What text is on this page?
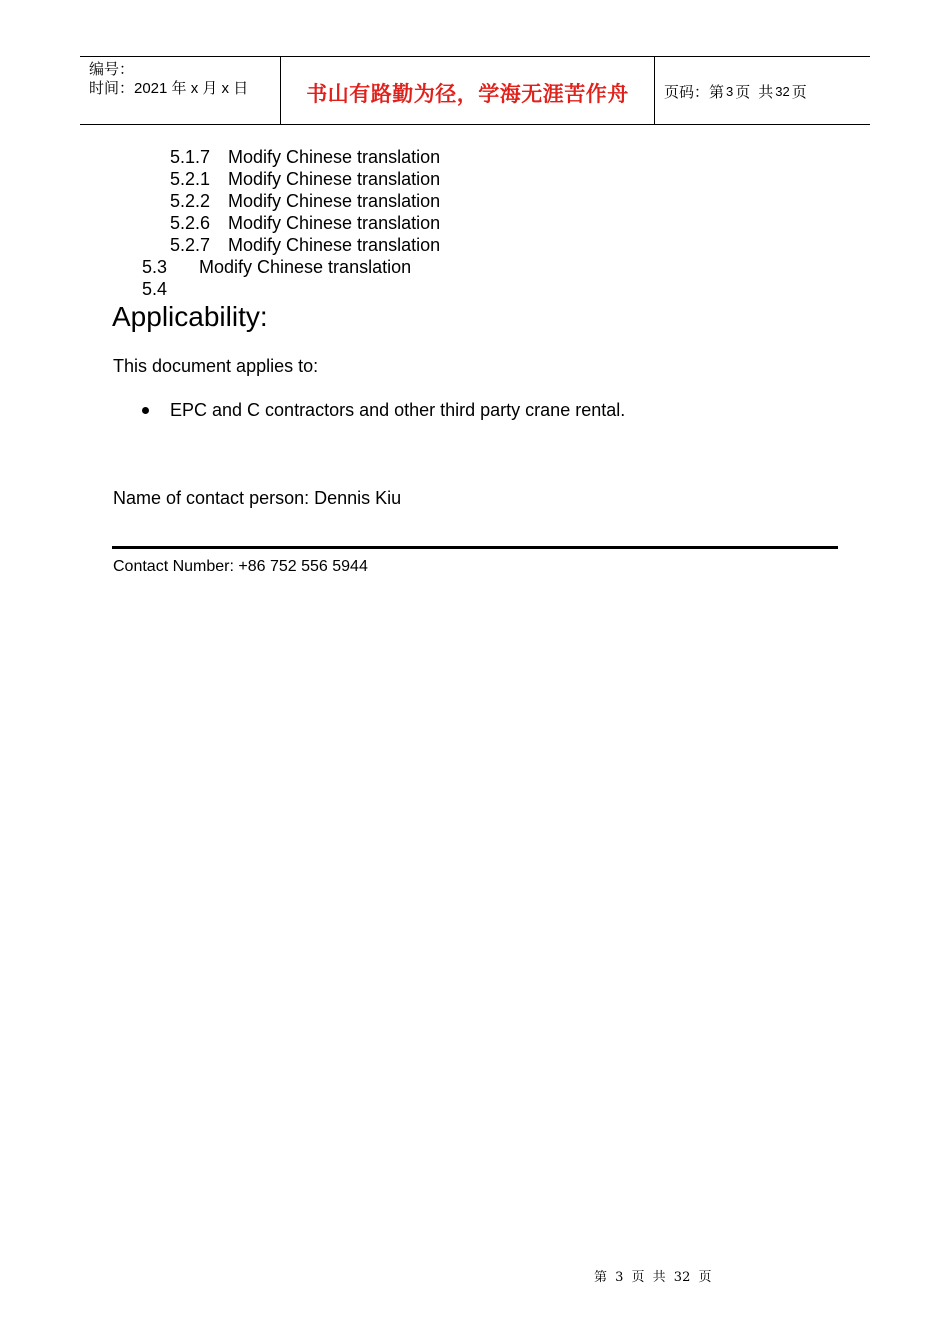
编号：
时间：2021 年 x 月 x 日	书山有路勤为径，学海无涯苦作舟 页码：第 3 页 共 32 页
5.1.7 Modify Chinese translation
5.2.1 Modify Chinese translation
5.2.2 Modify Chinese translation
5.2.6 Modify Chinese translation
5.2.7 Modify Chinese translation
5.3 Modify Chinese translation
5.4
Applicability:
This document applies to:
EPC and C contractors and other third party crane rental.
Name of contact person: Dennis Kiu
Contact Number: +86 752 556 5944
第 3 页 共 32 页
